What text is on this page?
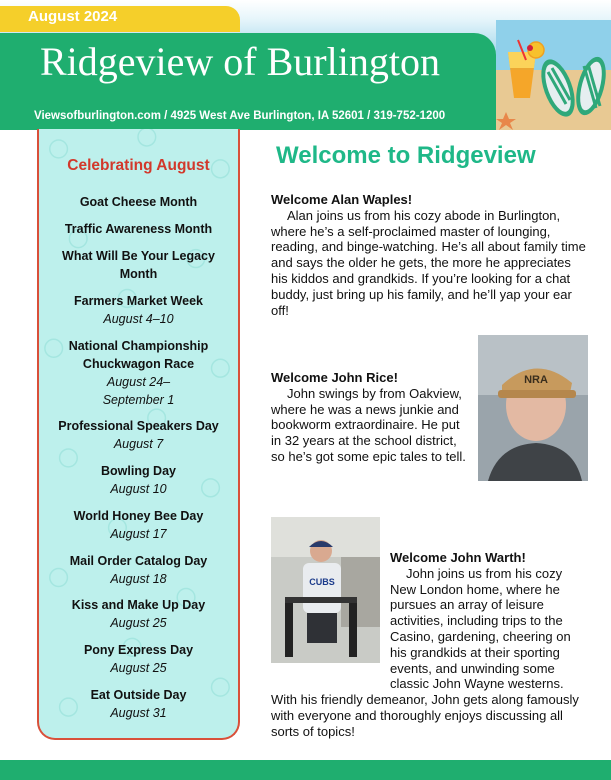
August 2024
Ridgeview of Burlington
Viewsofburlington.com / 4925 West Ave Burlington, IA 52601 / 319-752-1200
Celebrating August
Goat Cheese Month
Traffic Awareness Month
What Will Be Your Legacy Month
Farmers Market Week
August 4–10
National Championship Chuckwagon Race
August 24–September 1
Professional Speakers Day
August 7
Bowling Day
August 10
World Honey Bee Day
August 17
Mail Order Catalog Day
August 18
Kiss and Make Up Day
August 25
Pony Express Day
August 25
Eat Outside Day
August 31
Welcome to Ridgeview
Welcome Alan Waples!
Alan joins us from his cozy abode in Burlington, where he’s a self-proclaimed master of lounging, reading, and binge-watching. He’s all about family time and says the older he gets, the more he appreciates his kiddos and grandkids. If you’re looking for a chat buddy, just bring up his family, and he’ll yap your ear off!
NRA
Welcome John Rice!
John swings by from Oakview, where he was a news junkie and bookworm extraordinaire. He put in 32 years at the school district, so he’s got some epic tales to tell.
CUBS
Welcome John Warth!
John joins us from his cozy New London home, where he pursues an array of leisure activities, including trips to the Casino, gardening, cheering on his grandkids at their sporting events, and unwinding some classic John Wayne westerns. With his friendly demeanor, John gets along famously with everyone and thoroughly enjoys discussing all sorts of topics!
